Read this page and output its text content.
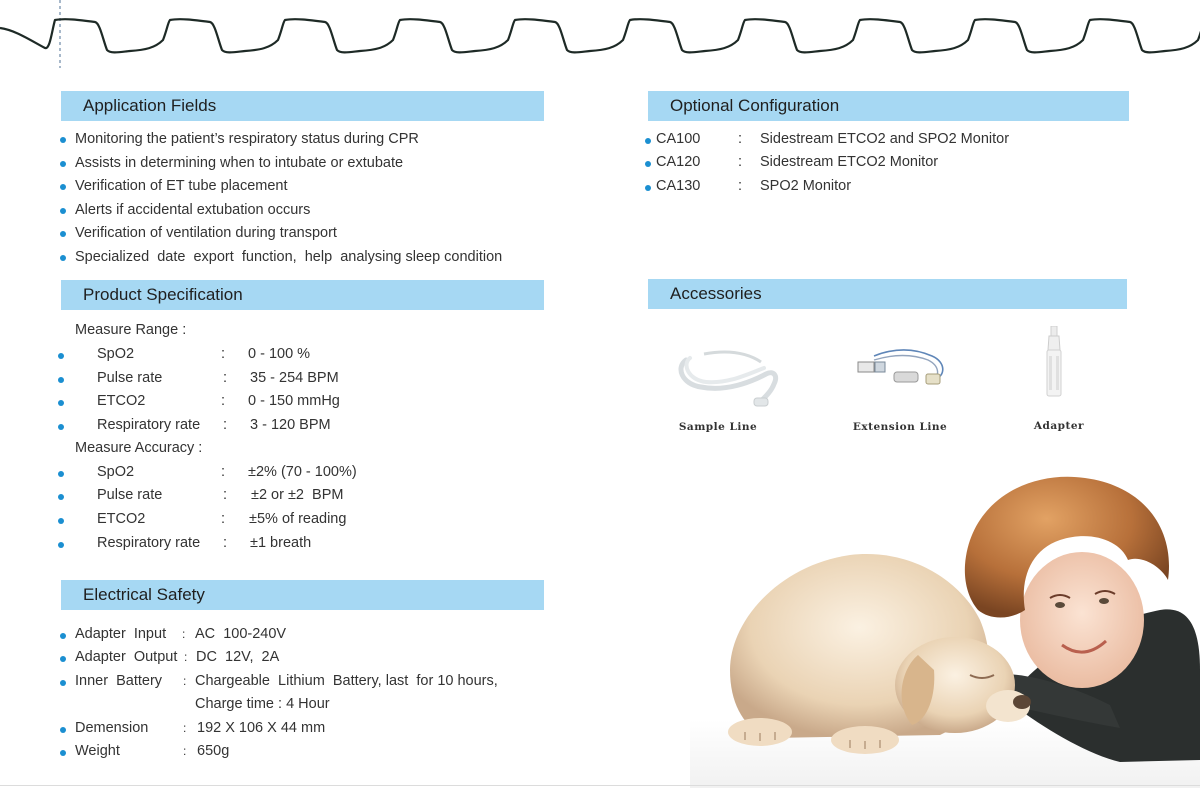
Application Fields
Monitoring the patient’s respiratory status during CPR
Assists in determining when to intubate or extubate
Verification of ET tube placement
Alerts if accidental extubation occurs
Verification of ventilation during transport
Specialized  date  export  function,  help  analysing sleep condition
Product Specification
Measure Range :
SpO2	: 0 - 100 %
Pulse rate	: 35 - 254 BPM
ETCO2	: 0 - 150 mmHg
Respiratory rate : 3 - 120 BPM
Measure Accuracy :
SpO2	: ±2% (70 - 100%)
Pulse rate	: ±2 or ±2  BPM
ETCO2	: ±5% of reading
Respiratory rate : ±1 breath
Electrical Safety
Adapter  Input : AC  100-240V
Adapter  Output : DC  12V,  2A
Inner  Battery : Chargeable  Lithium  Battery, last  for 10 hours,
Charge time : 4 Hour
Demension	: 192 X 106 X 44 mm
Weight	: 650g
Optional Configuration
CA100	: Sidestream ETCO2 and SPO2 Monitor
CA120	: Sidestream ETCO2 Monitor
CA130	: SPO2 Monitor
Accessories
Sample Line	Extension Line	Adapter
